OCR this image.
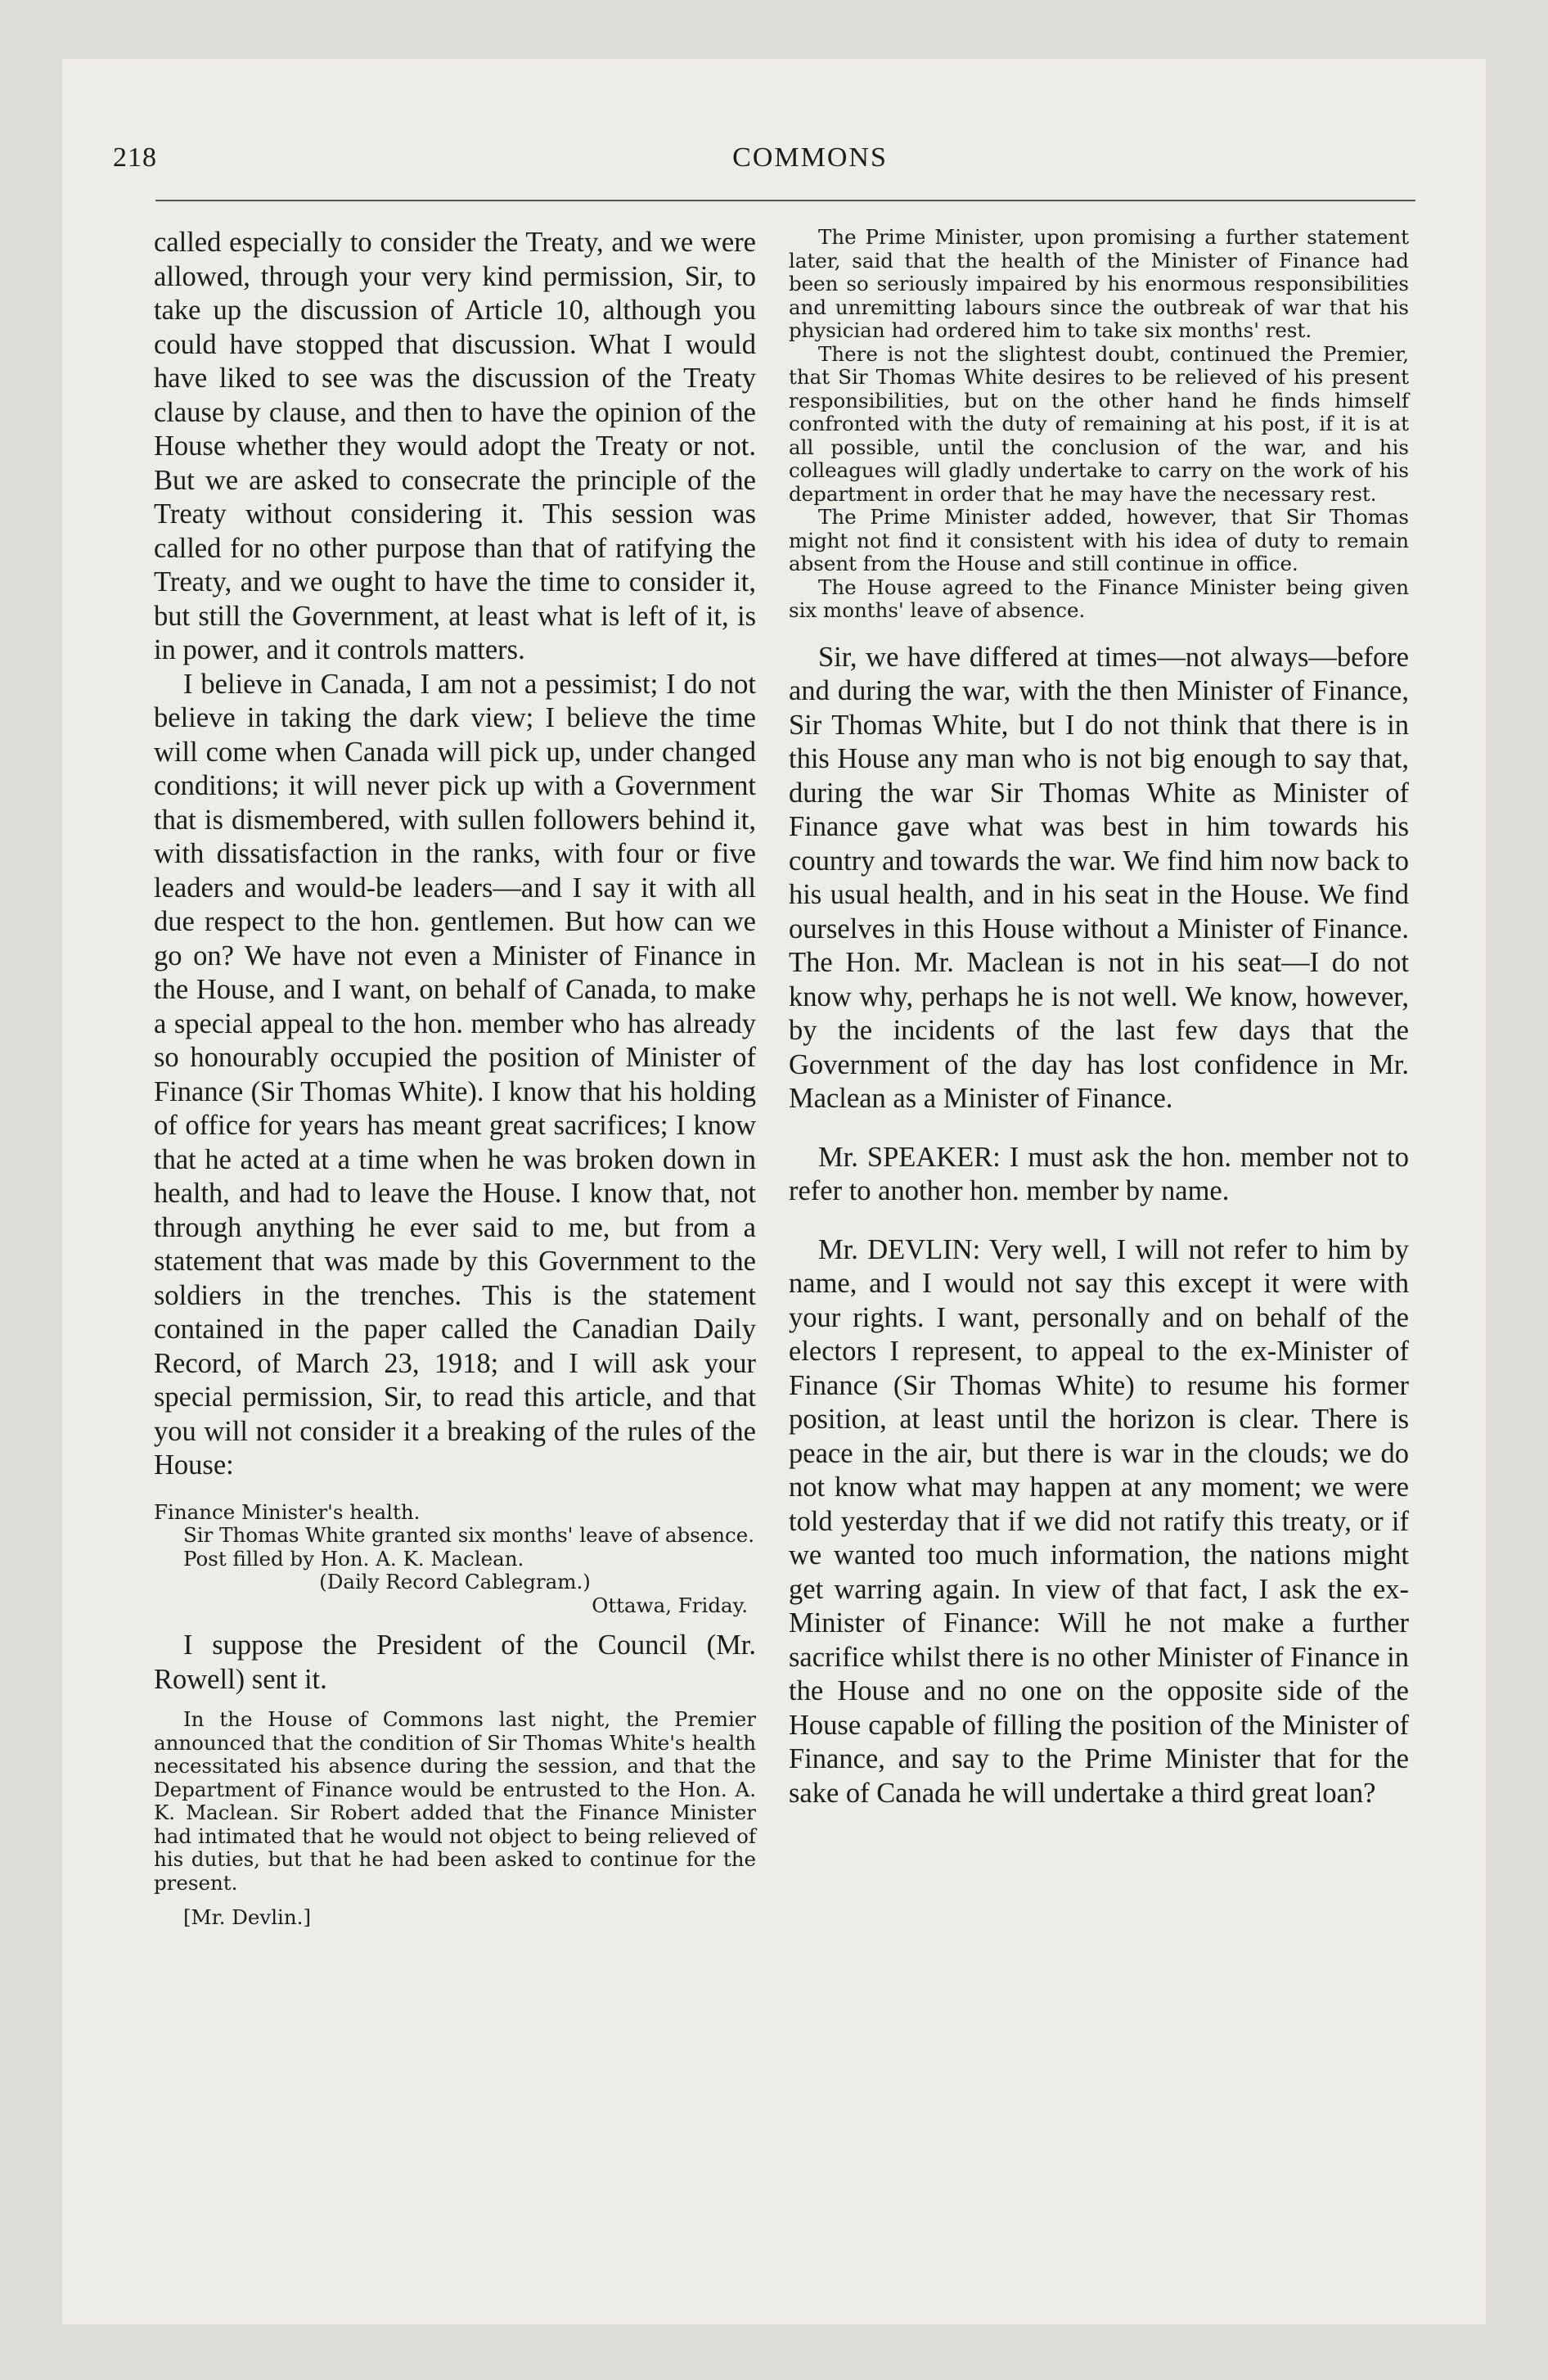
218	COMMONS

called especially to consider the Treaty, and we were allowed, through your very kind permission, Sir, to take up the discussion of Article 10, although you could have stopped that discussion. What I would have liked to see was the discussion of the Treaty clause by clause, and then to have the opinion of the House whether they would adopt the Treaty or not. But we are asked to consecrate the principle of the Treaty without considering it. This session was called for no other purpose than that of ratifying the Treaty, and we ought to have the time to consider it, but still the Government, at least what is left of it, is in power, and it controls matters.

I believe in Canada, I am not a pessimist; I do not believe in taking the dark view; I believe the time will come when Canada will pick up, under changed conditions; it will never pick up with a Government that is dismembered, with sullen followers behind it, with dissatisfaction in the ranks, with four or five leaders and would-be leaders—and I say it with all due respect to the hon. gentlemen. But how can we go on? We have not even a Minister of Finance in the House, and I want, on behalf of Canada, to make a special appeal to the hon. member who has already so honourably occupied the position of Minister of Finance (Sir Thomas White). I know that his holding of office for years has meant great sacrifices; I know that he acted at a time when he was broken down in health, and had to leave the House. I know that, not through anything he ever said to me, but from a statement that was made by this Government to the soldiers in the trenches. This is the statement contained in the paper called the Canadian Daily Record, of March 23, 1918; and I will ask your special permission, Sir, to read this article, and that you will not consider it a breaking of the rules of the House:

Finance Minister's health.

Sir Thomas White granted six months' leave of absence.

Post filled by Hon. A. K. Maclean.

(Daily Record Cablegram.)

Ottawa, Friday.

I suppose the President of the Council (Mr. Rowell) sent it.

In the House of Commons last night, the Premier announced that the condition of Sir Thomas White's health necessitated his absence during the session, and that the Department of Finance would be entrusted to the Hon. A. K. Maclean. Sir Robert added that the Finance Minister had intimated that he would not object to being relieved of his duties, but that he had been asked to continue for the present.

[Mr. Devlin.]

The Prime Minister, upon promising a further statement later, said that the health of the Minister of Finance had been so seriously impaired by his enormous responsibilities and unremitting labours since the outbreak of war that his physician had ordered him to take six months' rest.

There is not the slightest doubt, continued the Premier, that Sir Thomas White desires to be relieved of his present responsibilities, but on the other hand he finds himself confronted with the duty of remaining at his post, if it is at all possible, until the conclusion of the war, and his colleagues will gladly undertake to carry on the work of his department in order that he may have the necessary rest.

The Prime Minister added, however, that Sir Thomas might not find it consistent with his idea of duty to remain absent from the House and still continue in office.

The House agreed to the Finance Minister being given six months' leave of absence.

Sir, we have differed at times—not always—before and during the war, with the then Minister of Finance, Sir Thomas White, but I do not think that there is in this House any man who is not big enough to say that, during the war Sir Thomas White as Minister of Finance gave what was best in him towards his country and towards the war. We find him now back to his usual health, and in his seat in the House. We find ourselves in this House without a Minister of Finance. The Hon. Mr. Maclean is not in his seat—I do not know why, perhaps he is not well. We know, however, by the incidents of the last few days that the Government of the day has lost confidence in Mr. Maclean as a Minister of Finance.

Mr. SPEAKER: I must ask the hon. member not to refer to another hon. member by name.

Mr. DEVLIN: Very well, I will not refer to him by name, and I would not say this except it were with your rights. I want, personally and on behalf of the electors I represent, to appeal to the ex-Minister of Finance (Sir Thomas White) to resume his former position, at least until the horizon is clear. There is peace in the air, but there is war in the clouds; we do not know what may happen at any moment; we were told yesterday that if we did not ratify this treaty, or if we wanted too much information, the nations might get warring again. In view of that fact, I ask the ex-Minister of Finance: Will he not make a further sacrifice whilst there is no other Minister of Finance in the House and no one on the opposite side of the House capable of filling the position of the Minister of Finance, and say to the Prime Minister that for the sake of Canada he will undertake a third great loan?
